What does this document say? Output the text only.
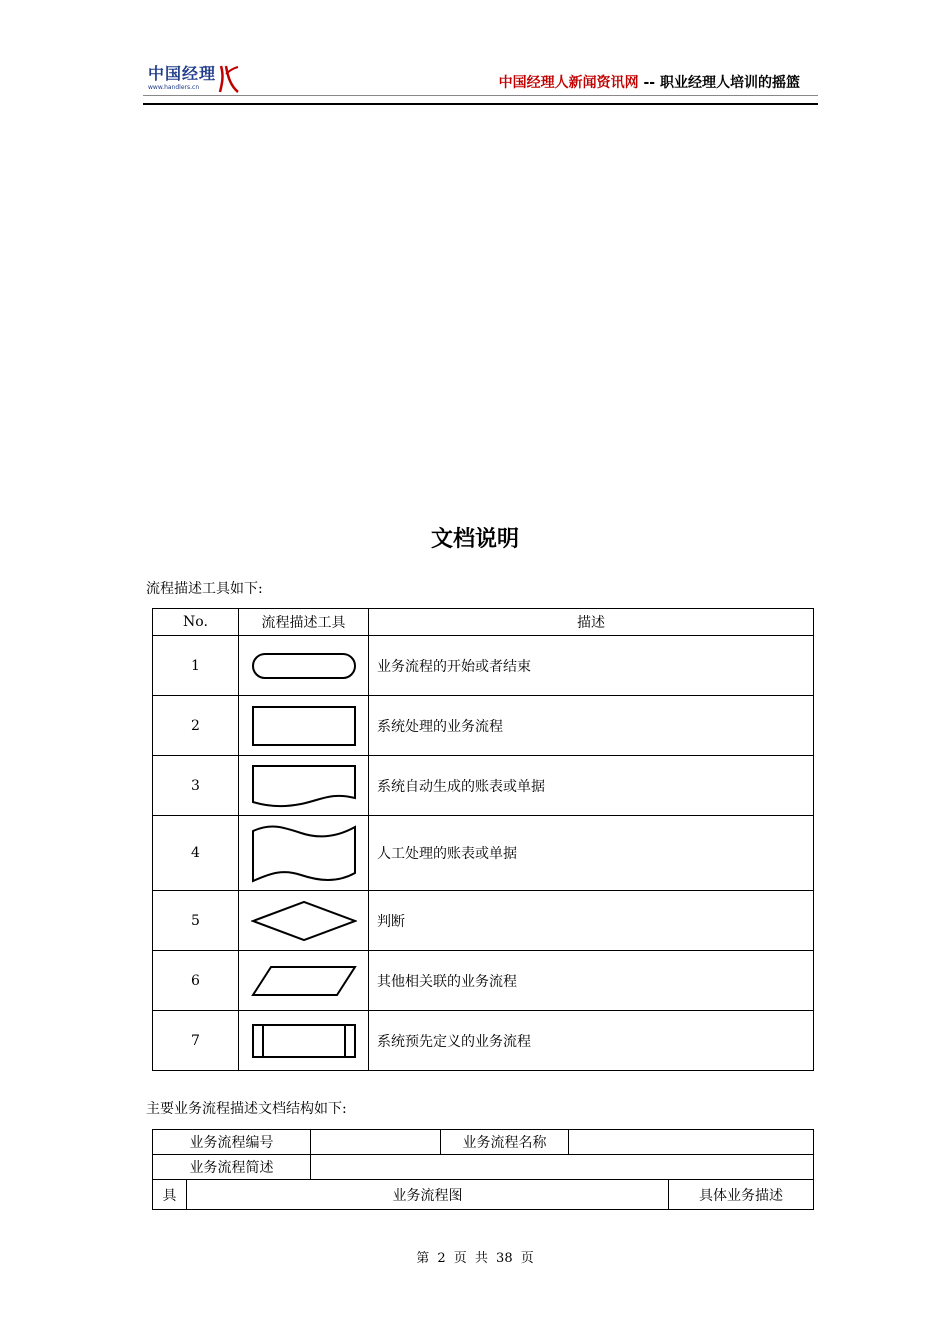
中国经理
www.handlers.cn	中国经理人新闻资讯网 -- 职业经理人培训的摇篮
文档说明
流程描述工具如下:
No.	流程描述工具	描述
1		业务流程的开始或者结束
2		系统处理的业务流程
3		系统自动生成的账表或单据
4		人工处理的账表或单据
5		判断
6		其他相关联的业务流程
7		系统预先定义的业务流程
主要业务流程描述文档结构如下:
业务流程编号			业务流程名称		
业务流程简述					
具	业务流程图				具体业务描述
第 2 页 共 38 页
